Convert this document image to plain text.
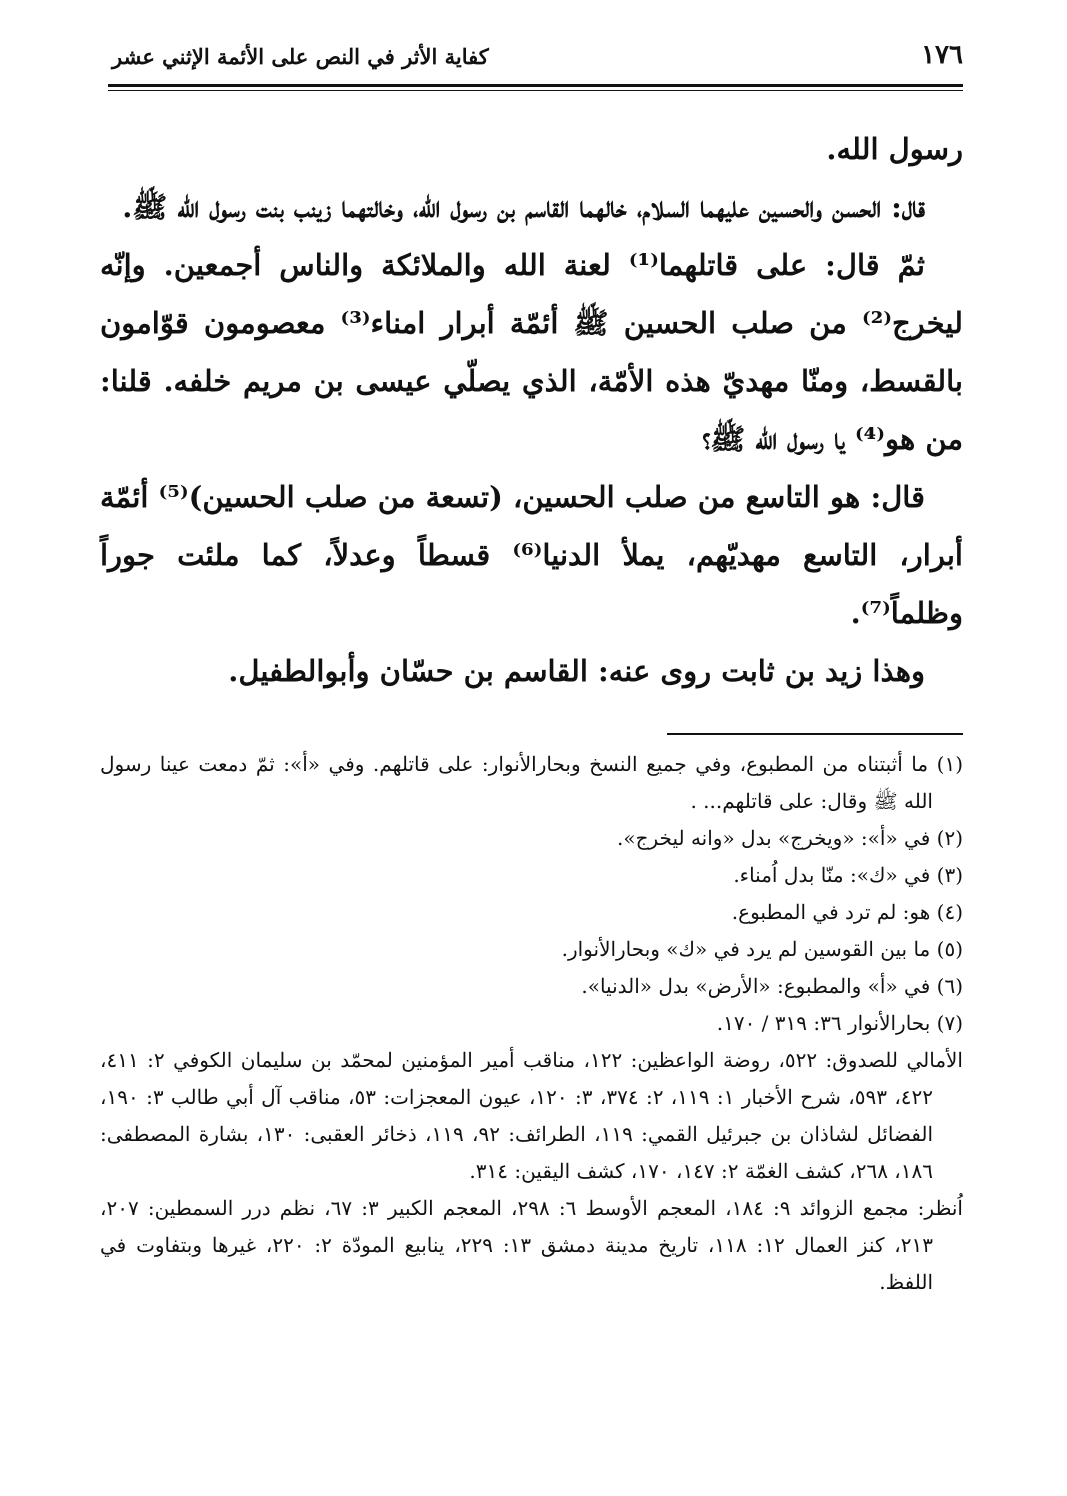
كفاية الأثر في النص على الأئمة الإثني عشر	١٧٦

رسول الله.

قال: الحسن والحسين عليهما السلام، خالهما القاسم بن رسول الله، وخالتهما زينب بنت رسول الله ﷺ.

ثمّ قال: على قاتلهما⁽¹⁾ لعنة الله والملائكة والناس أجمعين. وإنّه ليخرج⁽²⁾ من صلب الحسين ﷺ أئمّة أبرار امناء⁽³⁾ معصومون قوّامون بالقسط، ومنّا مهديّ هذه الأمّة، الذي يصلّي عيسى بن مريم خلفه. قلنا: من هو⁽⁴⁾ يا رسول الله ﷺ؟

قال: هو التاسع من صلب الحسين، (تسعة من صلب الحسين)⁽⁵⁾ أئمّة أبرار، التاسع مهديّهم، يملأ الدنيا⁽⁶⁾ قسطاً وعدلاً، كما ملئت جوراً وظلماً⁽⁷⁾.

وهذا زيد بن ثابت روى عنه: القاسم بن حسّان وأبوالطفيل.

(١) ما أثبتناه من المطبوع، وفي جميع النسخ وبحارالأنوار: على قاتلهم. وفي «أ»: ثمّ دمعت عينا رسول الله ﷺ وقال: على قاتلهم... .

(٢) في «أ»: «ويخرج» بدل «وانه ليخرج».

(٣) في «ك»: منّا بدل اُمناء.

(٤) هو: لم ترد في المطبوع.

(٥) ما بين القوسين لم يرد في «ك» وبحارالأنوار.

(٦) في «أ» والمطبوع: «الأرض» بدل «الدنيا».

(٧) بحارالأنوار ٣٦: ٣١٩ / ١٧٠.

الأمالي للصدوق: ٥٢٢، روضة الواعظين: ١٢٢، مناقب أمير المؤمنين لمحمّد بن سليمان الكوفي ٢: ٤١١، ٤٢٢، ٥٩٣، شرح الأخبار ١: ١١٩، ٢: ٣٧٤، ٣: ١٢٠، عيون المعجزات: ٥٣، مناقب آل أبي طالب ٣: ١٩٠، الفضائل لشاذان بن جبرئيل القمي: ١١٩، الطرائف: ٩٢، ١١٩، ذخائر العقبى: ١٣٠، بشارة المصطفى: ١٨٦، ٢٦٨، كشف الغمّة ٢: ١٤٧، ١٧٠، كشف اليقين: ٣١٤.

اُنظر: مجمع الزوائد ٩: ١٨٤، المعجم الأوسط ٦: ٢٩٨، المعجم الكبير ٣: ٦٧، نظم درر السمطين: ٢٠٧، ٢١٣، كنز العمال ١٢: ١١٨، تاريخ مدينة دمشق ١٣: ٢٢٩، ينابيع المودّة ٢: ٢٢٠، غيرها وبتفاوت في اللفظ.
